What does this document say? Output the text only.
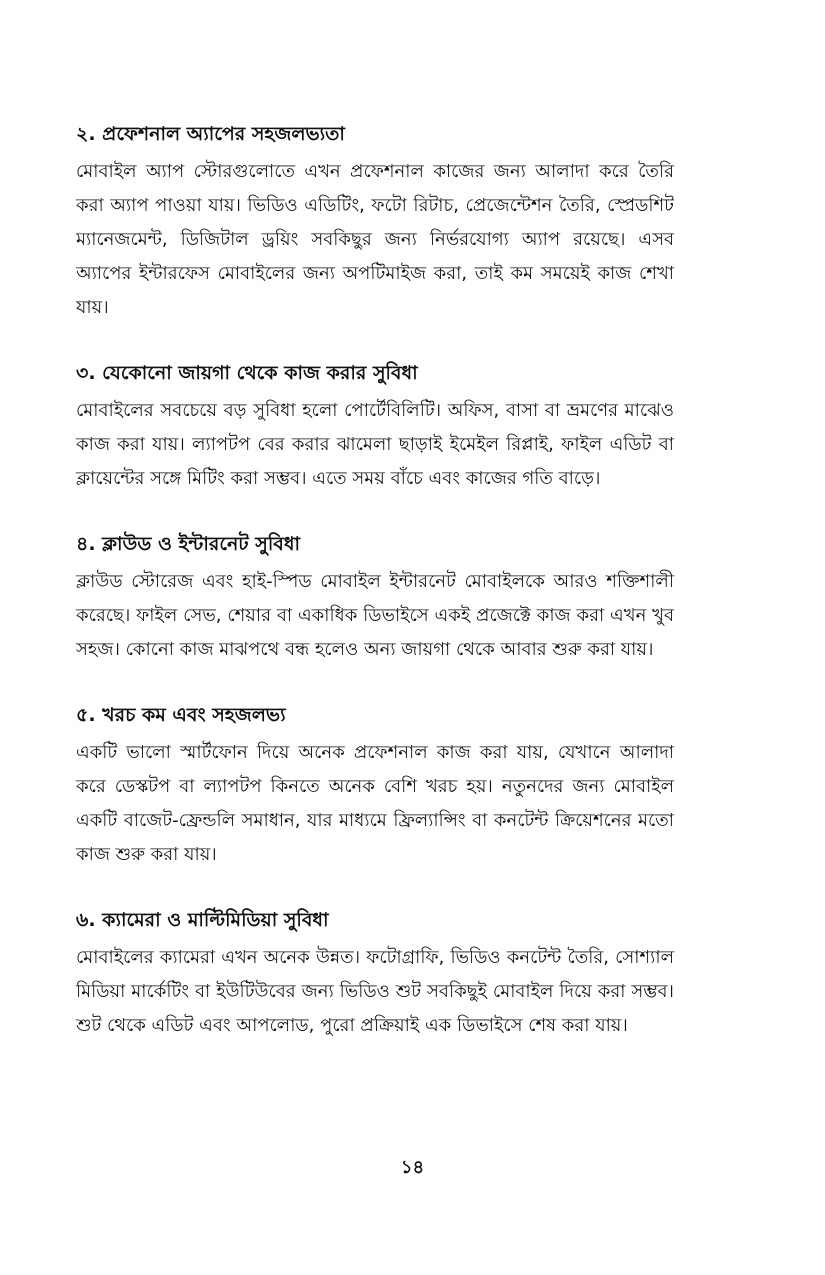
২. প্রফেশনাল অ্যাপের সহজলভ্যতা

মোবাইল অ্যাপ স্টোরগুলোতে এখন প্রফেশনাল কাজের জন্য আলাদা করে তৈরি করা অ্যাপ পাওয়া যায়। ভিডিও এডিটিং, ফটো রিটাচ, প্রেজেন্টেশন তৈরি, স্প্রেডশিট ম্যানেজমেন্ট, ডিজিটাল ড্রয়িং সবকিছুর জন্য নির্ভরযোগ্য অ্যাপ রয়েছে। এসব অ্যাপের ইন্টারফেস মোবাইলের জন্য অপটিমাইজ করা, তাই কম সময়েই কাজ শেখা যায়।

৩. যেকোনো জায়গা থেকে কাজ করার সুবিধা

মোবাইলের সবচেয়ে বড় সুবিধা হলো পোর্টেবিলিটি। অফিস, বাসা বা ভ্রমণের মাঝেও কাজ করা যায়। ল্যাপটপ বের করার ঝামেলা ছাড়াই ইমেইল রিপ্লাই, ফাইল এডিট বা ক্লায়েন্টের সঙ্গে মিটিং করা সম্ভব। এতে সময় বাঁচে এবং কাজের গতি বাড়ে।

৪. ক্লাউড ও ইন্টারনেট সুবিধা

ক্লাউড স্টোরেজ এবং হাই-স্পিড মোবাইল ইন্টারনেট মোবাইলকে আরও শক্তিশালী করেছে। ফাইল সেভ, শেয়ার বা একাধিক ডিভাইসে একই প্রজেক্টে কাজ করা এখন খুব সহজ। কোনো কাজ মাঝপথে বন্ধ হলেও অন্য জায়গা থেকে আবার শুরু করা যায়।

৫. খরচ কম এবং সহজলভ্য

একটি ভালো স্মার্টফোন দিয়ে অনেক প্রফেশনাল কাজ করা যায়, যেখানে আলাদা করে ডেস্কটপ বা ল্যাপটপ কিনতে অনেক বেশি খরচ হয়। নতুনদের জন্য মোবাইল একটি বাজেট-ফ্রেন্ডলি সমাধান, যার মাধ্যমে ফ্রিল্যান্সিং বা কনটেন্ট ক্রিয়েশনের মতো কাজ শুরু করা যায়।

৬. ক্যামেরা ও মাল্টিমিডিয়া সুবিধা

মোবাইলের ক্যামেরা এখন অনেক উন্নত। ফটোগ্রাফি, ভিডিও কনটেন্ট তৈরি, সোশ্যাল মিডিয়া মার্কেটিং বা ইউটিউবের জন্য ভিডিও শুট সবকিছুই মোবাইল দিয়ে করা সম্ভব। শুট থেকে এডিট এবং আপলোড, পুরো প্রক্রিয়াই এক ডিভাইসে শেষ করা যায়।

১৪
